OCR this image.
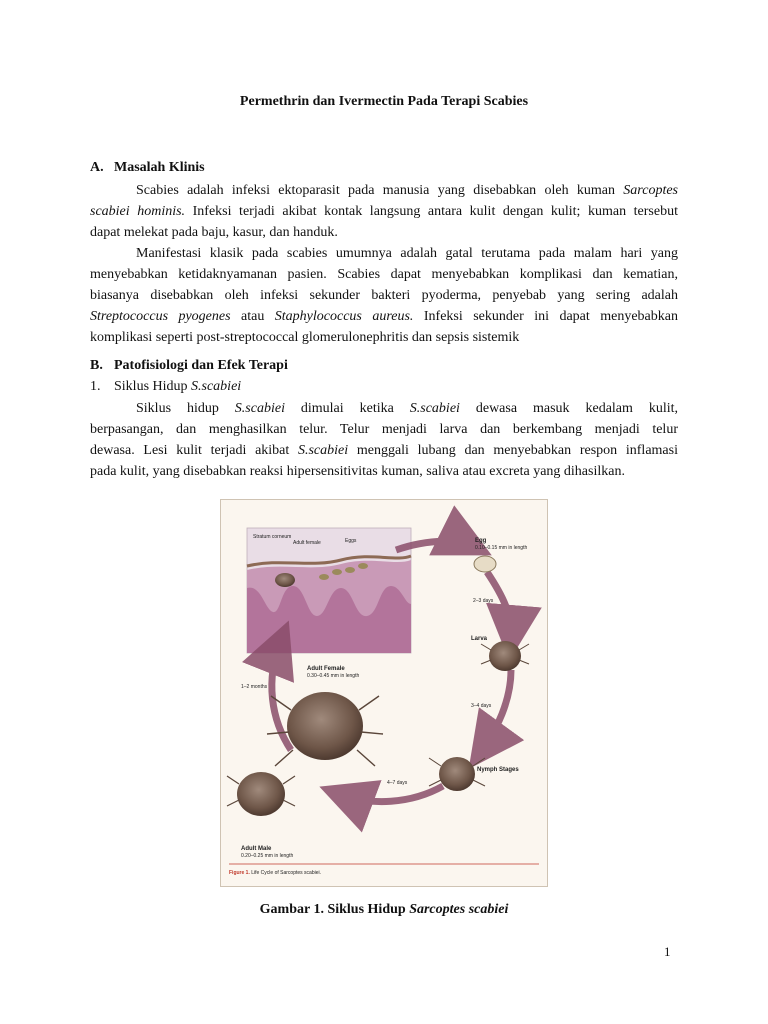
Permethrin dan Ivermectin Pada Terapi Scabies
A. Masalah Klinis
Scabies adalah infeksi ektoparasit pada manusia yang disebabkan oleh kuman Sarcoptes
scabiei hominis. Infeksi terjadi akibat kontak langsung antara kulit dengan kulit; kuman tersebut
dapat melekat pada baju, kasur, dan handuk.
Manifestasi klasik pada scabies umumnya adalah gatal terutama pada malam hari yang
menyebabkan ketidaknyamanan pasien. Scabies dapat menyebabkan komplikasi dan kematian,
biasanya disebabkan oleh infeksi sekunder bakteri pyoderma, penyebab yang sering adalah
Streptococcus pyogenes atau Staphylococcus aureus. Infeksi sekunder ini dapat menyebabkan
komplikasi seperti post-streptococcal glomerulonephritis dan sepsis sistemik
B. Patofisiologi dan Efek Terapi
1. Siklus Hidup S.scabiei
Siklus hidup S.scabiei dimulai ketika S.scabiei dewasa masuk kedalam kulit,
berpasangan, dan menghasilkan telur. Telur menjadi larva dan berkembang menjadi telur
dewasa. Lesi kulit terjadi akibat S.scabiei menggali lubang dan menyebabkan respon inflamasi
pada kulit, yang disebabkan reaksi hipersensitivitas kuman, saliva atau excreta yang dihasilkan.
Stratum corneum
Adult female	Eggs	Egg
0.10–0.15 mm in length
2–3 days
Larva
Adult Female
0.30–0.45 mm in length
1–2 months
3–4 days
Nymph Stages
4–7 days
Adult Male
0.20–0.25 mm in length
Figure 1. Life Cycle of Sarcoptes scabiei.
Gambar 1. Siklus Hidup Sarcoptes scabiei
1
